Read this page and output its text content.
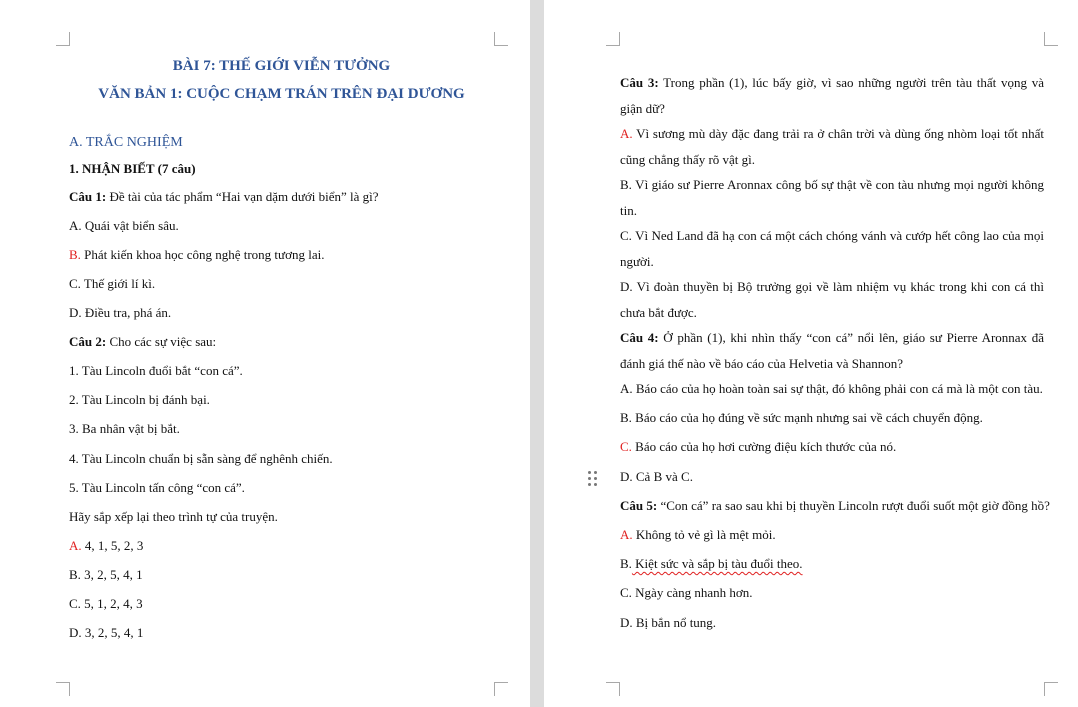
BÀI 7: THẾ GIỚI VIỄN TƯỞNG
VĂN BẢN 1: CUỘC CHẠM TRÁN TRÊN ĐẠI DƯƠNG
A. TRẮC NGHIỆM
1. NHẬN BIẾT (7 câu)
Câu 1: Đề tài của tác phẩm “Hai vạn dặm dưới biển” là gì?
A. Quái vật biển sâu.
B. Phát kiến khoa học công nghệ trong tương lai.
C. Thế giới lí kì.
D. Điều tra, phá án.
Câu 2: Cho các sự việc sau:
1. Tàu Lincoln đuổi bắt “con cá”.
2. Tàu Lincoln bị đánh bại.
3. Ba nhân vật bị bắt.
4. Tàu Lincoln chuẩn bị sẵn sàng để nghênh chiến.
5. Tàu Lincoln tấn công “con cá”.
Hãy sắp xếp lại theo trình tự của truyện.
A. 4, 1, 5, 2, 3
B. 3, 2, 5, 4, 1
C. 5, 1, 2, 4, 3
D. 3, 2, 5, 4, 1
Câu 3: Trong phần (1), lúc bấy giờ, vì sao những người trên tàu thất vọng và giận dữ?
A. Vì sương mù dày đặc đang trải ra ở chân trời và dùng ống nhòm loại tốt nhất cũng chẳng thấy rõ vật gì.
B. Vì giáo sư Pierre Aronnax công bố sự thật về con tàu nhưng mọi người không tin.
C. Vì Ned Land đã hạ con cá một cách chóng vánh và cướp hết công lao của mọi người.
D. Vì đoàn thuyền bị Bộ trưởng gọi về làm nhiệm vụ khác trong khi con cá thì chưa bắt được.
Câu 4: Ở phần (1), khi nhìn thấy “con cá” nổi lên, giáo sư Pierre Aronnax đã đánh giá thế nào về báo cáo của Helvetia và Shannon?
A. Báo cáo của họ hoàn toàn sai sự thật, đó không phải con cá mà là một con tàu.
B. Báo cáo của họ đúng về sức mạnh nhưng sai về cách chuyển động.
C. Báo cáo của họ hơi cường điệu kích thước của nó.
D. Cả B và C.
Câu 5: “Con cá” ra sao sau khi bị thuyền Lincoln rượt đuổi suốt một giờ đồng hồ?
A. Không tỏ vẻ gì là mệt mỏi.
B. Kiệt sức và sắp bị tàu đuổi theo.
C. Ngày càng nhanh hơn.
D. Bị bắn nổ tung.
